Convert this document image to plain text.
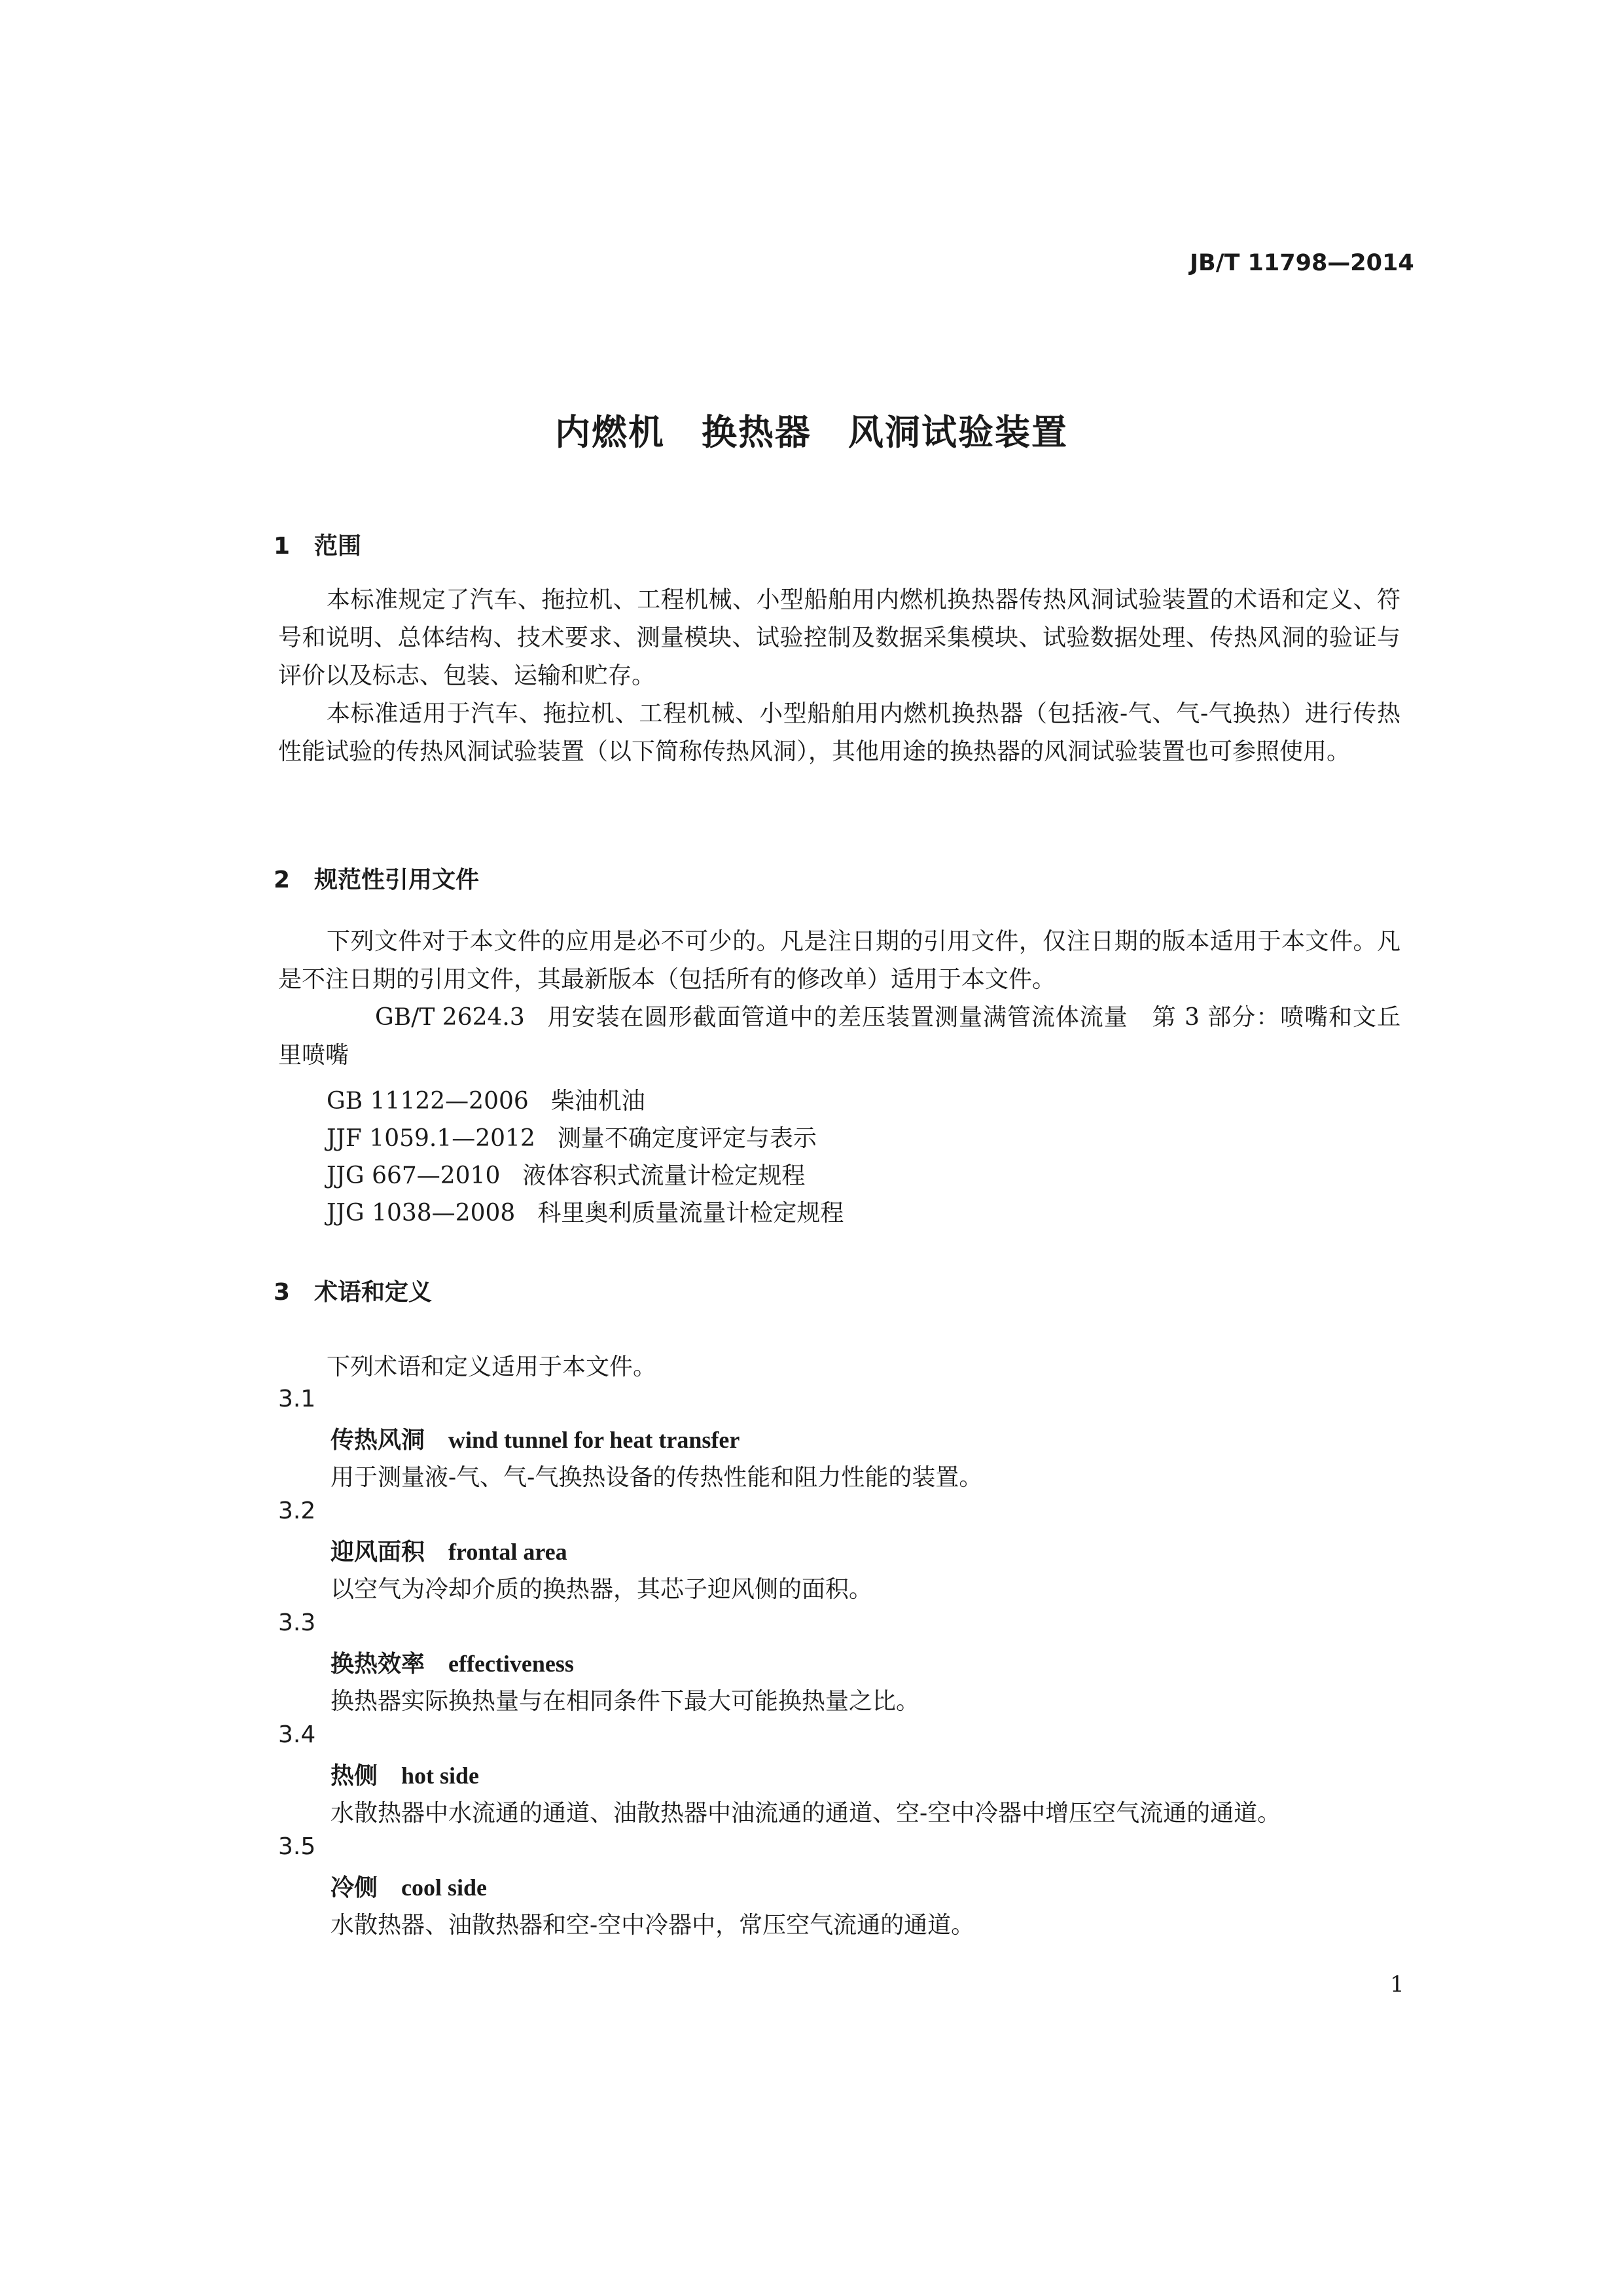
JB/T 11798—2014

内燃机　换热器　风洞试验装置
1 范围

本标准规定了汽车、拖拉机、工程机械、小型船舶用内燃机换热器传热风洞试验装置的术语和定义、符号和说明、总体结构、技术要求、测量模块、试验控制及数据采集模块、试验数据处理、传热风洞的验证与评价以及标志、包装、运输和贮存。

本标准适用于汽车、拖拉机、工程机械、小型船舶用内燃机换热器（包括液-气、气-气换热）进行传热性能试验的传热风洞试验装置（以下简称传热风洞），其他用途的换热器的风洞试验装置也可参照使用。

2 规范性引用文件

下列文件对于本文件的应用是必不可少的。凡是注日期的引用文件，仅注日期的版本适用于本文件。凡是不注日期的引用文件，其最新版本（包括所有的修改单）适用于本文件。

GB/T 2624.3 用安装在圆形截面管道中的差压装置测量满管流体流量　第 3 部分：喷嘴和文丘里喷嘴

GB 11122—2006 柴油机油

JJF 1059.1—2012 测量不确定度评定与表示

JJG 667—2010 液体容积式流量计检定规程

JJG 1038—2008 科里奥利质量流量计检定规程

3 术语和定义

下列术语和定义适用于本文件。

3.1

传热风洞 wind tunnel for heat transfer

用于测量液-气、气-气换热设备的传热性能和阻力性能的装置。

3.2

迎风面积 frontal area

以空气为冷却介质的换热器，其芯子迎风侧的面积。

3.3

换热效率 effectiveness

换热器实际换热量与在相同条件下最大可能换热量之比。

3.4

热侧 hot side

水散热器中水流通的通道、油散热器中油流通的通道、空-空中冷器中增压空气流通的通道。

3.5

冷侧 cool side

水散热器、油散热器和空-空中冷器中，常压空气流通的通道。

1
